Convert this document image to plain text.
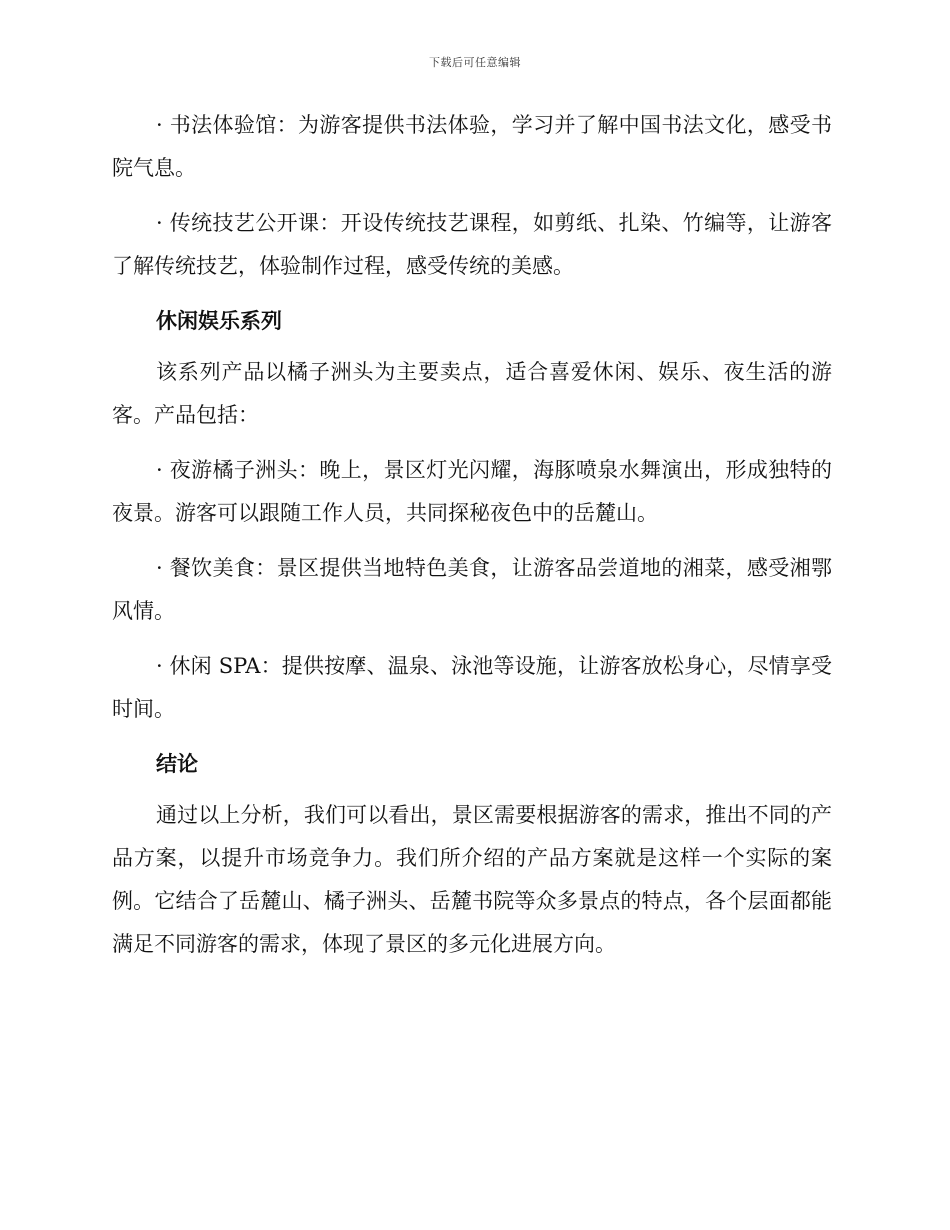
下载后可任意编辑

· 书法体验馆：为游客提供书法体验，学习并了解中国书法文化，感受书院气息。

· 传统技艺公开课：开设传统技艺课程，如剪纸、扎染、竹编等，让游客了解传统技艺，体验制作过程，感受传统的美感。

休闲娱乐系列

该系列产品以橘子洲头为主要卖点，适合喜爱休闲、娱乐、夜生活的游客。产品包括：

· 夜游橘子洲头：晚上，景区灯光闪耀，海豚喷泉水舞演出，形成独特的夜景。游客可以跟随工作人员，共同探秘夜色中的岳麓山。

· 餐饮美食：景区提供当地特色美食，让游客品尝道地的湘菜，感受湘鄂风情。

· 休闲 SPA：提供按摩、温泉、泳池等设施，让游客放松身心，尽情享受时间。

结论

通过以上分析，我们可以看出，景区需要根据游客的需求，推出不同的产品方案，以提升市场竞争力。我们所介绍的产品方案就是这样一个实际的案例。它结合了岳麓山、橘子洲头、岳麓书院等众多景点的特点，各个层面都能满足不同游客的需求，体现了景区的多元化进展方向。
